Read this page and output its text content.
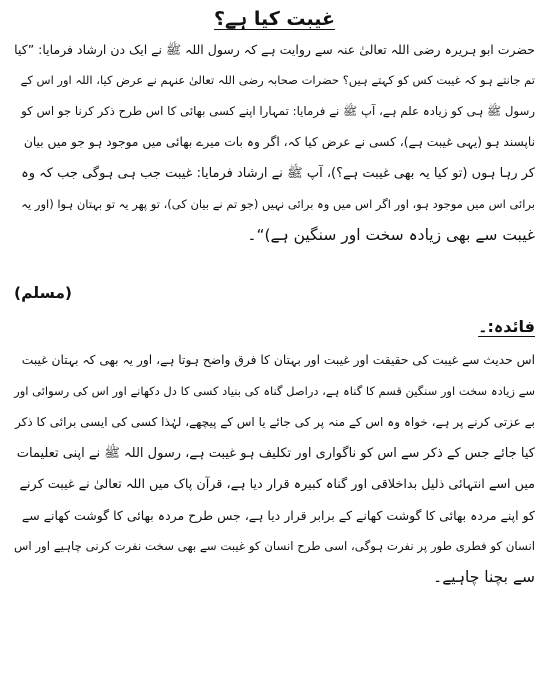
غیبت کیا ہے؟

حضرت ابو ہریرہ رضی اللہ تعالیٰ عنہ سے روایت ہے کہ رسول اللہ ﷺ نے ایک دن ارشاد فرمایا: ”کیا

تم جانتے ہو کہ غیبت کس کو کہتے ہیں؟ حضرات صحابہ رضی اللہ تعالیٰ عنہم نے عرض کیا، اللہ اور اس کے

رسول ﷺ ہی کو زیادہ علم ہے، آپ ﷺ نے فرمایا: تمہارا اپنے کسی بھائی کا اس طرح ذکر کرنا جو اس کو

ناپسند ہو (یہی غیبت ہے)، کسی نے عرض کیا کہ، اگر وہ بات میرے بھائی میں موجود ہو جو میں بیان

کر رہا ہوں (تو کیا یہ بھی غیبت ہے؟)، آپ ﷺ نے ارشاد فرمایا: غیبت جب ہی ہوگی جب کہ وہ

برائی اس میں موجود ہو، اور اگر اس میں وہ برائی نہیں (جو تم نے بیان کی)، تو پھر یہ تو بہتان ہوا (اور یہ

غیبت سے بھی زیادہ سخت اور سنگین ہے)“۔

(مسلم)
فائدہ:۔

اس حدیث سے غیبت کی حقیقت اور غیبت اور بہتان کا فرق واضح ہوتا ہے، اور یہ بھی کہ بہتان غیبت

سے زیادہ سخت اور سنگین قسم کا گناہ ہے، دراصل گناہ کی بنیاد کسی کا دل دکھانے اور اس کی رسوائی اور

بے عزتی کرنے پر ہے، خواہ وہ اس کے منہ پر کی جائے یا اس کے پیچھے، لہٰذا کسی کی ایسی برائی کا ذکر

کیا جائے جس کے ذکر سے اس کو ناگواری اور تکلیف ہو غیبت ہے، رسول اللہ ﷺ نے اپنی تعلیمات

میں اسے انتہائی ذلیل بداخلاقی اور گناہ کبیرہ قرار دیا ہے، قرآن پاک میں اللہ تعالیٰ نے غیبت کرنے

کو اپنے مردہ بھائی کا گوشت کھانے کے برابر قرار دیا ہے، جس طرح مردہ بھائی کا گوشت کھانے سے

انسان کو فطری طور پر نفرت ہوگی، اسی طرح انسان کو غیبت سے بھی سخت نفرت کرنی چاہیے اور اس

سے بچنا چاہیے۔
